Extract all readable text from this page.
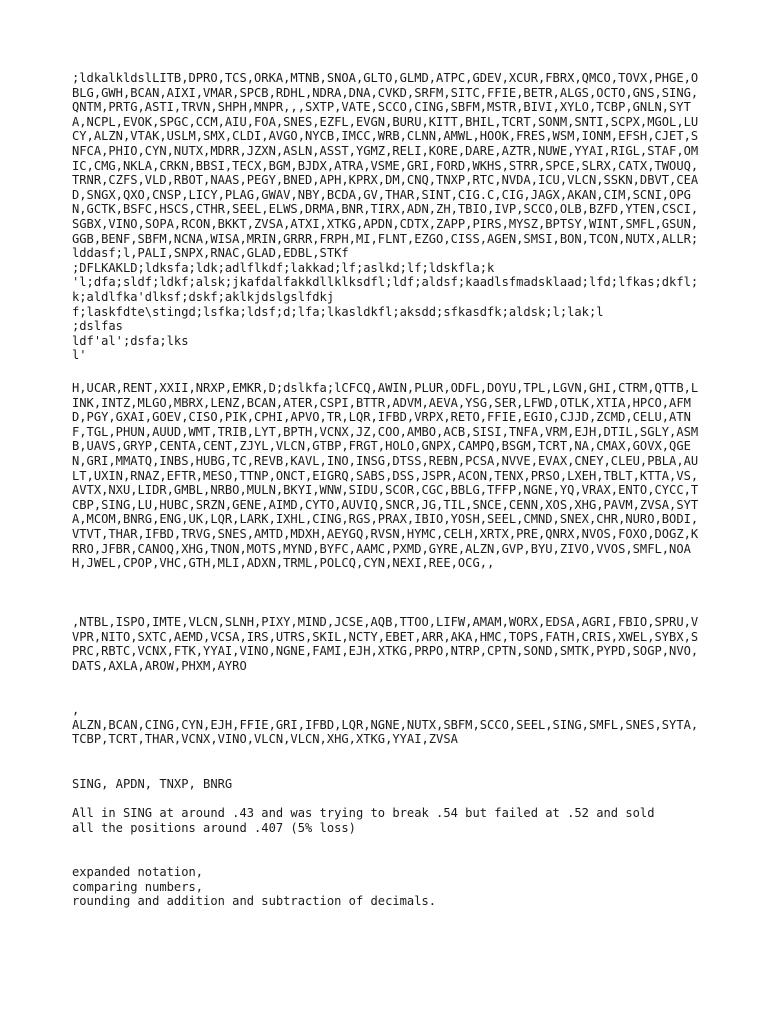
;ldkalkldslLITB,DPRO,TCS,ORKA,MTNB,SNOA,GLTO,GLMD,ATPC,GDEV,XCUR,FBRX,QMCO,TOVX,PHGE,OBLG,GWH,BCAN,AIXI,VMAR,SPCB,RDHL,NDRA,DNA,CVKD,SRFM,SITC,FFIE,BETR,ALGS,OCTO,GNS,SING,QNTM,PRTG,ASTI,TRVN,SHPH,MNPR,,,SXTP,VATE,SCCO,CING,SBFM,MSTR,BIVI,XYLO,TCBP,GNLN,SYTA,NCPL,EVOK,SPGC,CCM,AIU,FOA,SNES,EZFL,EVGN,BURU,KITT,BHIL,TCRT,SONM,SNTI,SCPX,MGOL,LUCY,ALZN,VTAK,USLM,SMX,CLDI,AVGO,NYCB,IMCC,WRB,CLNN,AMWL,HOOK,FRES,WSM,IONM,EFSH,CJET,SNFCA,PHIO,CYN,NUTX,MDRR,JZXN,ASLN,ASST,YGMZ,RELI,KORE,DARE,AZTR,NUWE,YYAI,RIGL,STAF,OMIC,CMG,NKLA,CRKN,BBSI,TECX,BGM,BJDX,ATRA,VSME,GRI,FORD,WKHS,STRR,SPCE,SLRX,CATX,TWOUQ,TRNR,CZFS,VLD,RBOT,NAAS,PEGY,BNED,APH,KPRX,DM,CNQ,TNXP,RTC,NVDA,ICU,VLCN,SSKN,DBVT,CEAD,SNGX,QXO,CNSP,LICY,PLAG,GWAV,NBY,BCDA,GV,THAR,SINT,CIG.C,CIG,JAGX,AKAN,CIM,SCNI,OPGN,GCTK,BSFC,HSCS,CTHR,SEEL,ELWS,DRMA,BNR,TIRX,ADN,ZH,TBIO,IVP,SCCO,OLB,BZFD,YTEN,CSCI,SGBX,VINO,SOPA,RCON,BKKT,ZVSA,ATXI,XTKG,APDN,CDTX,ZAPP,PIRS,MYSZ,BPTSY,WINT,SMFL,GSUN,GGB,BENF,SBFM,NCNA,WISA,MRIN,GRRR,FRPH,MI,FLNT,EZGO,CISS,AGEN,SMSI,BON,TCON,NUTX,ALLR;lddasf;l,PALI,SNPX,RNAC,GLAD,EDBL,STKf
;DFLKAKLD;ldksfa;ldk;adlflkdf;lakkad;lf;aslkd;lf;ldskfla;k
'l;dfa;sldf;ldkf;alsk;jkafdalfakkdllklksdfl;ldf;aldsf;kaadlsfmadsklaad;lfd;lfkas;dkfl;k;aldlfka'dlksf;dskf;aklkjdslgslfdkj
f;laskfdte\stingd;lsfka;ldsf;d;lfa;lkasldkfl;aksdd;sfkasdfk;aldsk;l;lak;l
;dslfas
ldf'al';dsfa;lks
l'
H,UCAR,RENT,XXII,NRXP,EMKR,D;dslkfa;lCFCQ,AWIN,PLUR,ODFL,DOYU,TPL,LGVN,GHI,CTRM,QTTB,LINK,INTZ,MLGO,MBRX,LENZ,BCAN,ATER,CSPI,BTTR,ADVM,AEVA,YSG,SER,LFWD,OTLK,XTIA,HPCO,AFMD,PGY,GXAI,GOEV,CISO,PIK,CPHI,APVO,TR,LQR,IFBD,VRPX,RETO,FFIE,EGIO,CJJD,ZCMD,CELU,ATNF,TGL,PHUN,AUUD,WMT,TRIB,LYT,BPTH,VCNX,JZ,COO,AMBO,ACB,SISI,TNFA,VRM,EJH,DTIL,SGLY,ASMB,UAVS,GRYP,CENTA,CENT,ZJYL,VLCN,GTBP,FRGT,HOLO,GNPX,CAMPQ,BSGM,TCRT,NA,CMAX,GOVX,QGEN,GRI,MMATQ,INBS,HUBG,TC,REVB,KAVL,INO,INSG,DTSS,REBN,PCSA,NVVE,EVAX,CNEY,CLEU,PBLA,AULT,UXIN,RNAZ,EFTR,MESO,TTNP,ONCT,EIGRQ,SABS,DSS,JSPR,ACON,TENX,PRSO,LXEH,TBLT,KTTA,VS,AVTX,NXU,LIDR,GMBL,NRBO,MULN,BKYI,WNW,SIDU,SCOR,CGC,BBLG,TFFP,NGNE,YQ,VRAX,ENTO,CYCC,TCBP,SING,LU,HUBC,SRZN,GENE,AIMD,CYTO,AUVIQ,SNCR,JG,TIL,SNCE,CENN,XOS,XHG,PAVM,ZVSA,SYTA,MCOM,BNRG,ENG,UK,LQR,LARK,IXHL,CING,RGS,PRAX,IBIO,YOSH,SEEL,CMND,SNEX,CHR,NURO,BODI,VTVT,THAR,IFBD,TRVG,SNES,AMTD,MDXH,AEYGQ,RVSN,HYMC,CELH,XRTX,PRE,QNRX,NVOS,FOXO,DOGZ,KRRO,JFBR,CANOQ,XHG,TNON,MOTS,MYND,BYFC,AAMC,PXMD,GYRE,ALZN,GVP,BYU,ZIVO,VVOS,SMFL,NOAH,JWEL,CPOP,VHC,GTH,MLI,ADXN,TRML,POLCQ,CYN,NEXI,REE,OCG,,
,NTBL,ISPO,IMTE,VLCN,SLNH,PIXY,MIND,JCSE,AQB,TTOO,LIFW,AMAM,WORX,EDSA,AGRI,FBIO,SPRU,VVPR,NITO,SXTC,AEMD,VCSA,IRS,UTRS,SKIL,NCTY,EBET,ARR,AKA,HMC,TOPS,FATH,CRIS,XWEL,SYBX,SPRC,RBTC,VCNX,FTK,YYAI,VINO,NGNE,FAMI,EJH,XTKG,PRPO,NTRP,CPTN,SOND,SMTK,PYPD,SOGP,NVO,DATS,AXLA,AROW,PHXM,AYRO
,
ALZN,BCAN,CING,CYN,EJH,FFIE,GRI,IFBD,LQR,NGNE,NUTX,SBFM,SCCO,SEEL,SING,SMFL,SNES,SYTA,TCBP,TCRT,THAR,VCNX,VINO,VLCN,VLCN,XHG,XTKG,YYAI,ZVSA
SING, APDN, TNXP, BNRG
All in SING at around .43 and was trying to break .54 but failed at .52 and sold
all the positions around .407 (5% loss)
expanded notation,
comparing numbers,
rounding and addition and subtraction of decimals.
